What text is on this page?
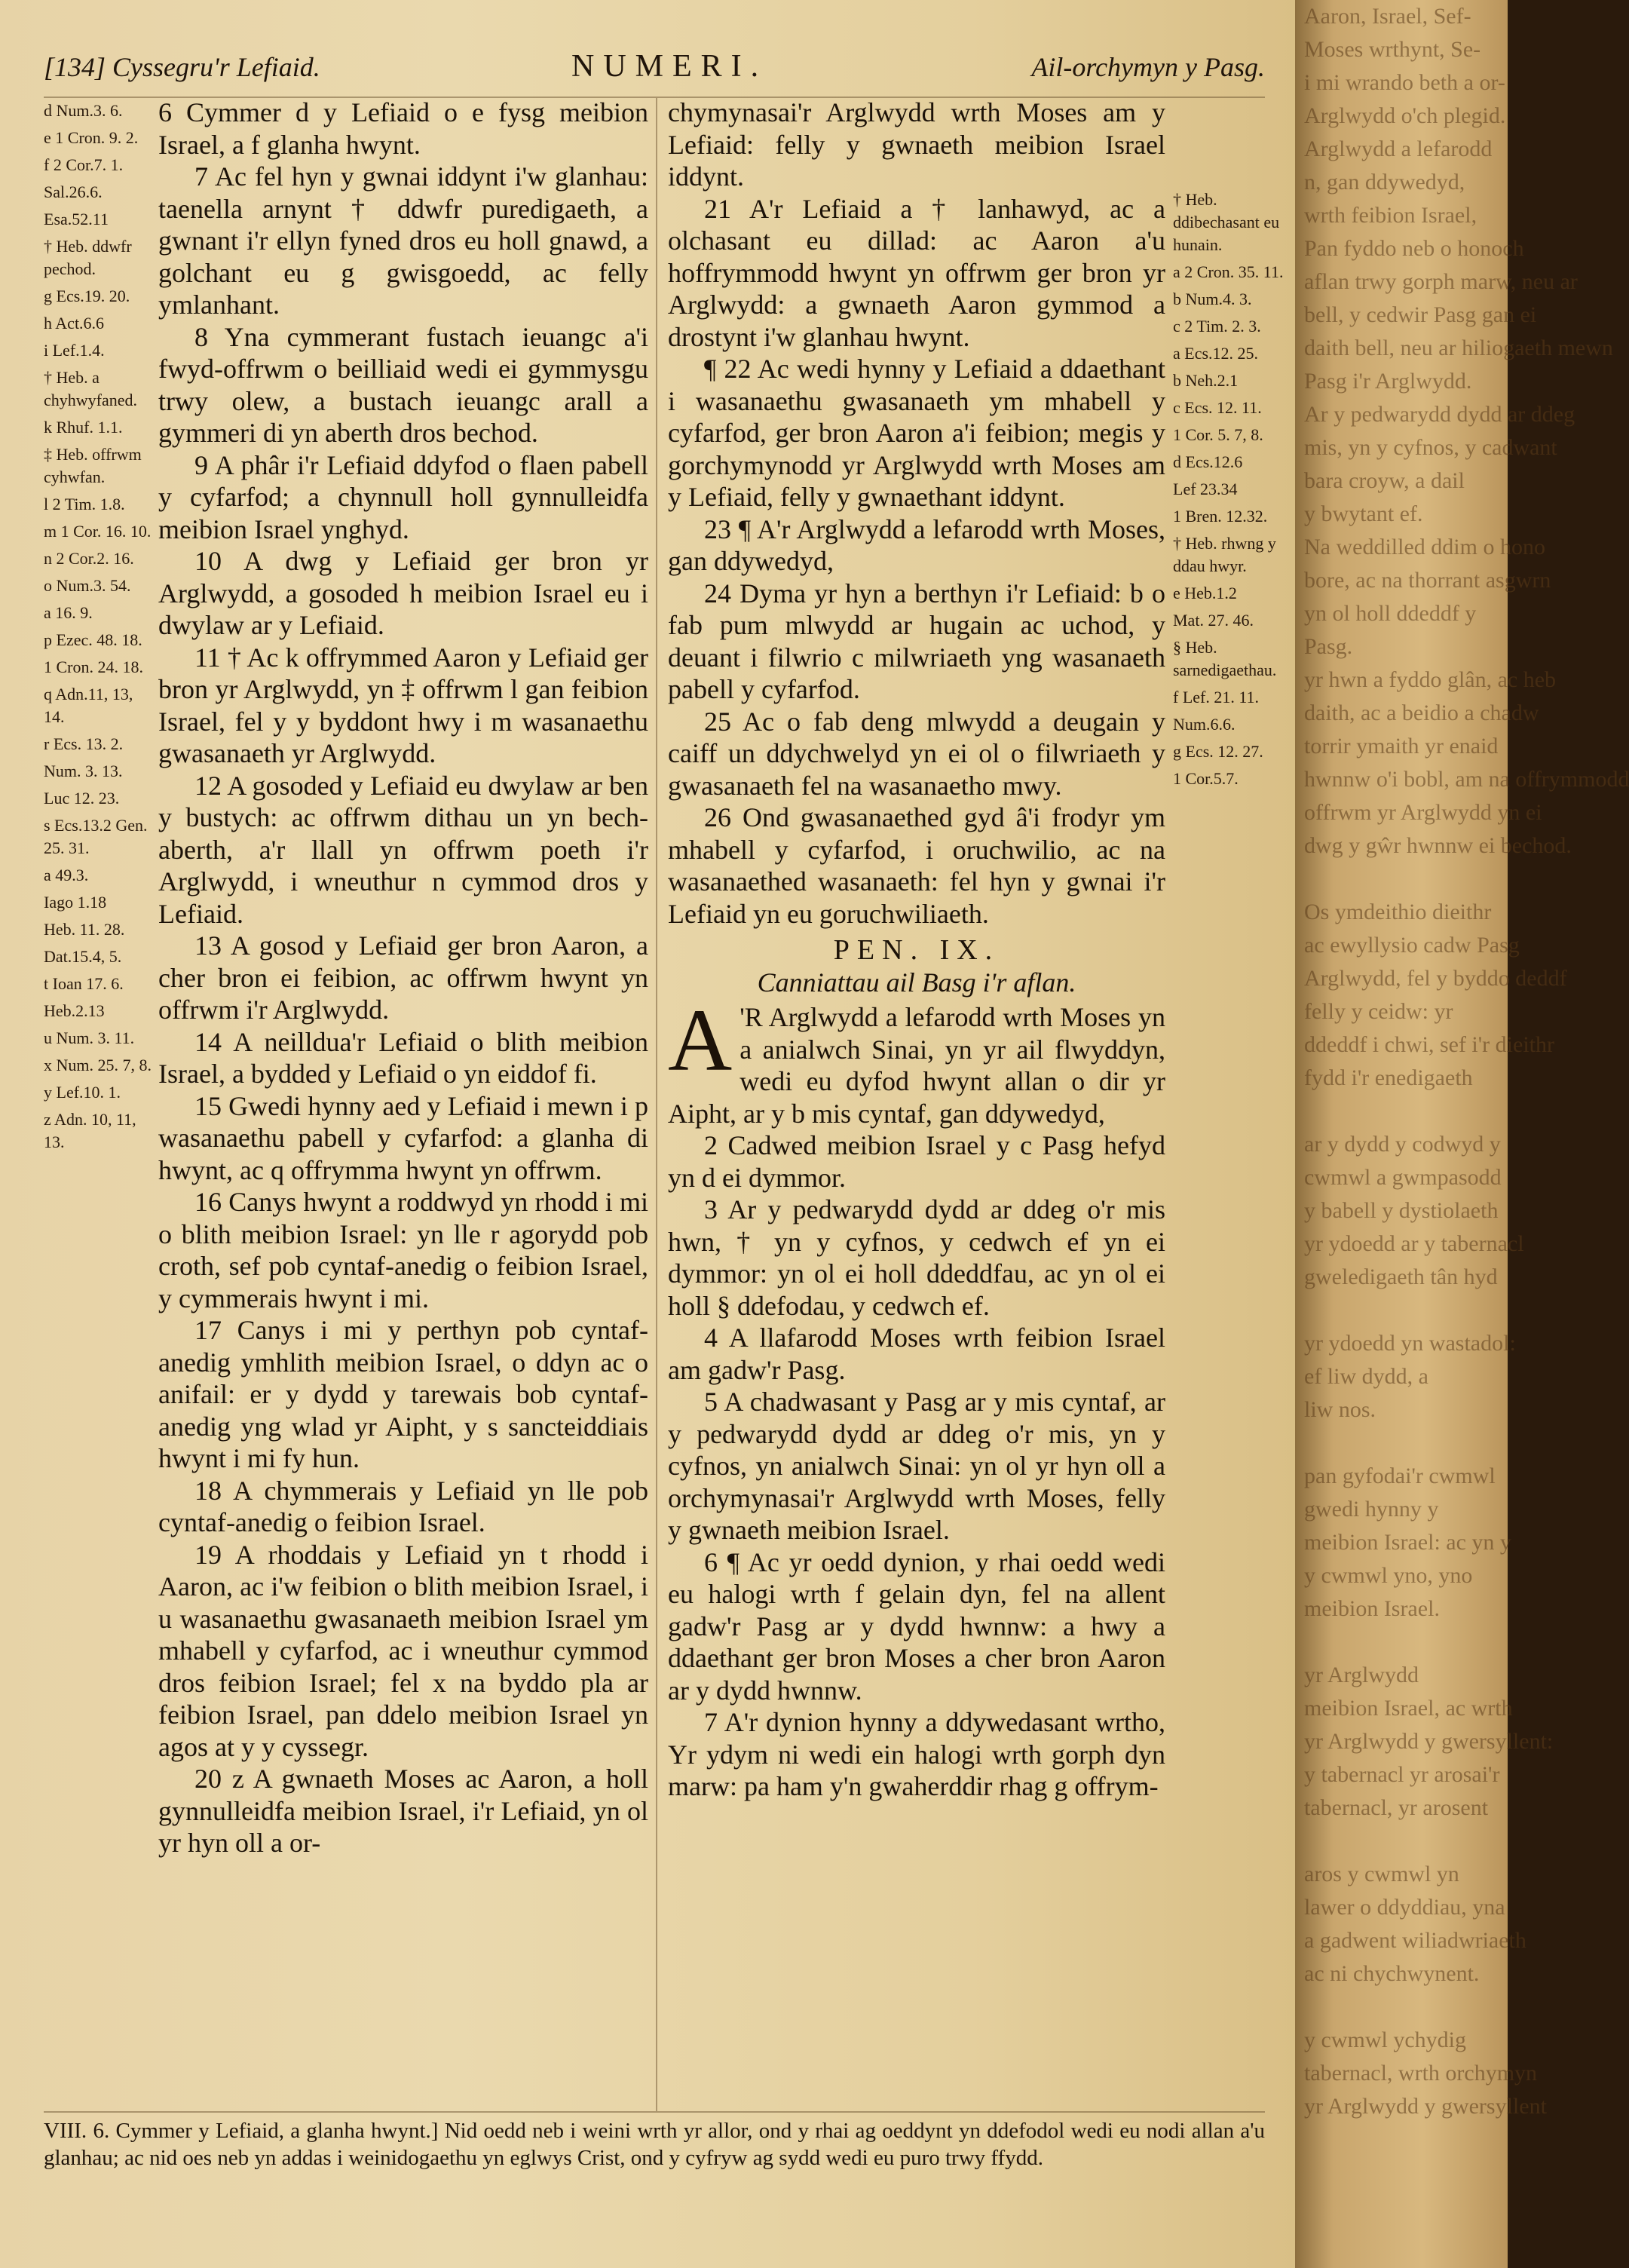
[134] Cyssegru'r Lefiaid.	NUMERI.	Ail-orchymyn y Pasg.
d Num.3. 6.
e 1 Cron. 9. 2.
f 2 Cor.7. 1.
Sal.26.6.
Esa.52.11
† Heb. ddwfr pechod.
g Ecs.19. 20.
h Act.6.6
i Lef.1.4.
† Heb. a chyhwyfaned.
k Rhuf. 1.1.
‡ Heb. offrwm cyhwfan.
l 2 Tim. 1.8.
m 1 Cor. 16. 10.
n 2 Cor.2. 16.
o Num.3. 54.
a 16. 9.
p Ezec. 48. 18.
1 Cron. 24. 18.
q Adn.11, 13, 14.
r Ecs. 13. 2.
Num. 3. 13.
Luc 12. 23.
s Ecs.13.2 Gen. 25. 31.
a 49.3.
Iago 1.18
Heb. 11. 28.
Dat.15.4, 5.
t Ioan 17. 6.
Heb.2.13
u Num. 3. 11.
x Num. 25. 7, 8.
y Lef.10. 1.
z Adn. 10, 11, 13.

6 Cymmer d y Lefiaid o e fysg meibion Israel, a f glanha hwynt.

7 Ac fel hyn y gwnai iddynt i'w glanhau: taenella arnynt † ddwfr puredigaeth, a gwnant i'r ellyn fyned dros eu holl gnawd, a golchant eu g gwisgoedd, ac felly ymlanhant.

8 Yna cymmerant fustach ieuangc a'i fwyd-offrwm o beilliaid wedi ei gymmysgu trwy olew, a bustach ieuangc arall a gymmeri di yn aberth dros bechod.

9 A phâr i'r Lefiaid ddyfod o flaen pabell y cyfarfod; a chynnull holl gynnulleidfa meibion Israel ynghyd.

10 A dwg y Lefiaid ger bron yr Arglwydd, a gosoded h meibion Israel eu i dwylaw ar y Lefiaid.

11 † Ac k offrymmed Aaron y Lefiaid ger bron yr Arglwydd, yn ‡ offrwm l gan feibion Israel, fel y y byddont hwy i m wasanaethu gwasanaeth yr Arglwydd.

12 A gosoded y Lefiaid eu dwylaw ar ben y bustych: ac offrwm dithau un yn bech-aberth, a'r llall yn offrwm poeth i'r Arglwydd, i wneuthur n cymmod dros y Lefiaid.

13 A gosod y Lefiaid ger bron Aaron, a cher bron ei feibion, ac offrwm hwynt yn offrwm i'r Arglwydd.

14 A neillduа'r Lefiaid o blith meibion Israel, a bydded y Lefiaid o yn eiddof fi.

15 Gwedi hynny aed y Lefiaid i mewn i p wasanaethu pabell y cyfarfod: a glanha di hwynt, ac q offrymma hwynt yn offrwm.

16 Canys hwynt a roddwyd yn rhodd i mi o blith meibion Israel: yn lle r agorydd pob croth, sef pob cyntaf-anedig o feibion Israel, y cymmerais hwynt i mi.

17 Canys i mi y perthyn pob cyntaf-anedig ymhlith meibion Israel, o ddyn ac o anifail: er y dydd y tarewais bob cyntaf-anedig yng wlad yr Aipht, y s sancteiddiais hwynt i mi fy hun.

18 A chymmerais y Lefiaid yn lle pob cyntaf-anedig o feibion Israel.

19 A rhoddais y Lefiaid yn t rhodd i Aaron, ac i'w feibion o blith meibion Israel, i u wasanaethu gwasanaeth meibion Israel ym mhabell y cyfarfod, ac i wneuthur cymmod dros feibion Israel; fel x na byddo pla ar feibion Israel, pan ddelo meibion Israel yn agos at y y cyssegr.

20 z A gwnaeth Moses ac Aaron, a holl gynnulleidfa meibion Israel, i'r Lefiaid, yn ol yr hyn oll a or-

chymynasai'r Arglwydd wrth Moses am y Lefiaid: felly y gwnaeth meibion Israel iddynt.

21 A'r Lefiaid a † lanhawyd, ac a olchasant eu dillad: ac Aaron a'u hoffrymmodd hwynt yn offrwm ger bron yr Arglwydd: a gwnaeth Aaron gymmod a drostynt i'w glanhau hwynt.

¶ 22 Ac wedi hynny y Lefiaid a ddaethant i wasanaethu gwasanaeth ym mhabell y cyfarfod, ger bron Aaron a'i feibion; megis y gorchymynodd yr Arglwydd wrth Moses am y Lefiaid, felly y gwnaethant iddynt.

23 ¶ A'r Arglwydd a lefarodd wrth Moses, gan ddywedyd,

24 Dyma yr hyn a berthyn i'r Lefiaid: b o fab pum mlwydd ar hugain ac uchod, y deuant i filwrio c milwriaeth yng wasanaeth pabell y cyfarfod.

25 Ac o fab deng mlwydd a deugain y caiff un ddychwelyd yn ei ol o filwriaeth y gwasanaeth fel na wasanaetho mwy.

26 Ond gwasanaethed gyd â'i frodyr ym mhabell y cyfarfod, i oruchwilio, ac na wasanaethed wasanaeth: fel hyn y gwnai i'r Lefiaid yn eu goruchwiliaeth.

PEN. IX.
Canniattau ail Basg i'r aflan.

A 'R Arglwydd a lefarodd wrth Moses yn a anialwch Sinai, yn yr ail flwyddyn, wedi eu dyfod hwynt allan o dir yr Aipht, ar y b mis cyntaf, gan ddywedyd,

2 Cadwed meibion Israel y c Pasg hefyd yn d ei dymmor.

3 Ar y pedwarydd dydd ar ddeg o'r mis hwn, † yn y cyfnos, y cedwch ef yn ei dymmor: yn ol ei holl ddeddfau, ac yn ol ei holl § ddefodau, y cedwch ef.

4 A llafarodd Moses wrth feibion Israel am gadw'r Pasg.

5 A chadwasant y Pasg ar y mis cyntaf, ar y pedwarydd dydd ar ddeg o'r mis, yn y cyfnos, yn anialwch Sinai: yn ol yr hyn oll a orchymynasai'r Arglwydd wrth Moses, felly y gwnaeth meibion Israel.

6 ¶ Ac yr oedd dynion, y rhai oedd wedi eu halogi wrth f gelain dyn, fel na allent gadw'r Pasg ar y dydd hwnnw: a hwy a ddaethant ger bron Moses a cher bron Aaron ar y dydd hwnnw.

7 A'r dynion hynny a ddywedasant wrtho, Yr ydym ni wedi ein halogi wrth gorph dyn marw: pa ham y'n gwaherddir rhag g offrym-

† Heb. ddibechasant eu hunain.
a 2 Cron. 35. 11.
b Num.4. 3.
c 2 Tim. 2. 3.
a Ecs.12. 25.
b Neh.2.1
c Ecs. 12. 11.
1 Cor. 5. 7, 8.
d Ecs.12.6
Lef 23.34
1 Bren. 12.32.
† Heb. rhwng y ddau hwyr.
e Heb.1.2
Mat. 27. 46.
§ Heb. sarnedigaethau.
f Lef. 21. 11.
Num.6.6.
g Ecs. 12. 27.
1 Cor.5.7.
VIII. 6. Cymmer y Lefiaid, a glanha hwynt.] Nid oedd neb i weini wrth yr allor, ond y rhai ag oeddynt yn ddefodol wedi eu nodi allan a'u glanhau; ac nid oes neb yn addas i weinidogaethu yn eglwys Crist, ond y cyfryw ag sydd wedi eu puro trwy ffydd.
Aaron, Israel, Sef-
Moses wrthynt, Se-
i mi wrando beth a or-
Arglwydd o'ch plegid.
Arglwydd a lefarodd
n, gan ddywedyd,
wrth feibion Israel,
Pan fyddo neb o honoch
aflan trwy gorph marw, neu ar
bell, y cedwir Pasg gan ei
daith bell, neu ar hiliogaeth mewn
Pasg i'r Arglwydd.
Ar y pedwarydd dydd ar ddeg
mis, yn y cyfnos, y cadwant
bara croyw, a dail
y bwytant ef.
Na weddilled ddim o hono
bore, ac na thorrant asgwrn
yn ol holl ddeddf y
Pasg.
yr hwn a fyddo glân, ac heb
daith, ac a beidio a chadw
torrir ymaith yr enaid
hwnnw o'i bobl, am na offrymmodd
offrwm yr Arglwydd yn ei
dwg y gŵr hwnnw ei bechod.

Os ymdeithio dieithr
ac ewyllysio cadw Pasg
Arglwydd, fel y byddo deddf
felly y ceidw: yr
ddeddf i chwi, sef i'r dieithr
fydd i'r enedigaeth

ar y dydd y codwyd y
cwmwl a gwmpasodd
y babell y dystiolaeth
yr ydoedd ar y tabernacl
gweledigaeth tân hyd

yr ydoedd yn wastadol:
ef liw dydd, a
liw nos.

pan gyfodai'r cwmwl
gwedi hynny y
meibion Israel: ac yn y
y cwmwl yno, yno
meibion Israel.

yr Arglwydd
meibion Israel, ac wrth
yr Arglwydd y gwersyllent:
y tabernacl yr arosai'r
tabernacl, yr arosent

aros y cwmwl yn
lawer o ddyddiau, yna
a gadwent wiliadwriaeth
ac ni chychwynent.

y cwmwl ychydig
tabernacl, wrth orchymyn
yr Arglwydd y gwersyllent
